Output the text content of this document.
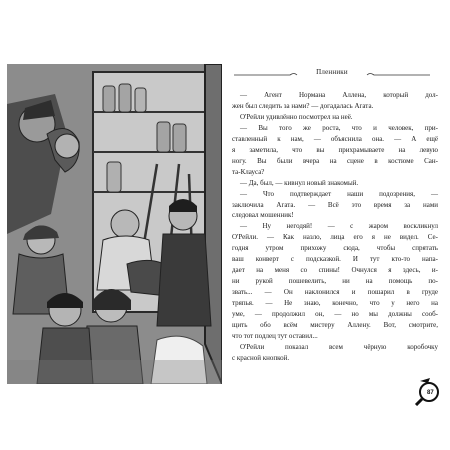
Пленники
— Агент Нормана Аллена, который дол-
жен был следить за нами? — догадалась Агата.
О'Рейли удивлённо посмотрел на неё.
— Вы того же роста, что и человек, при-
ставленный к нам, — объяснила она. — А ещё
я заметила, что вы прихрамываете на левую
ногу. Вы были вчера на сцене в костюме Сан-
та-Клауса?
— Да, был, — кивнул новый знакомый.
— Что подтверждает наши подозрения, —
заключила Агата. — Всё это время за нами
следовал мошенник!
— Ну негодяй! — с жаром воскликнул
О'Рейли. — Как назло, лица его я не видел. Се-
годня утром прихожу сюда, чтобы спрятать
ваш конверт с подсказкой. И тут кто-то напа-
дает на меня со спины! Очнулся я здесь, и-
ни рукой пошевелить, ни на помощь по-
звать... — Он наклонился и пошарил в груде
тряпья. — Не знаю, конечно, что у него на
уме, — продолжил он, — но мы должны сооб-
щить обо всём мистеру Аллену. Вот, смотрите,
что тот подлец тут оставил...
О'Рейли показал всем чёрную коробочку
с красной кнопкой.
87
